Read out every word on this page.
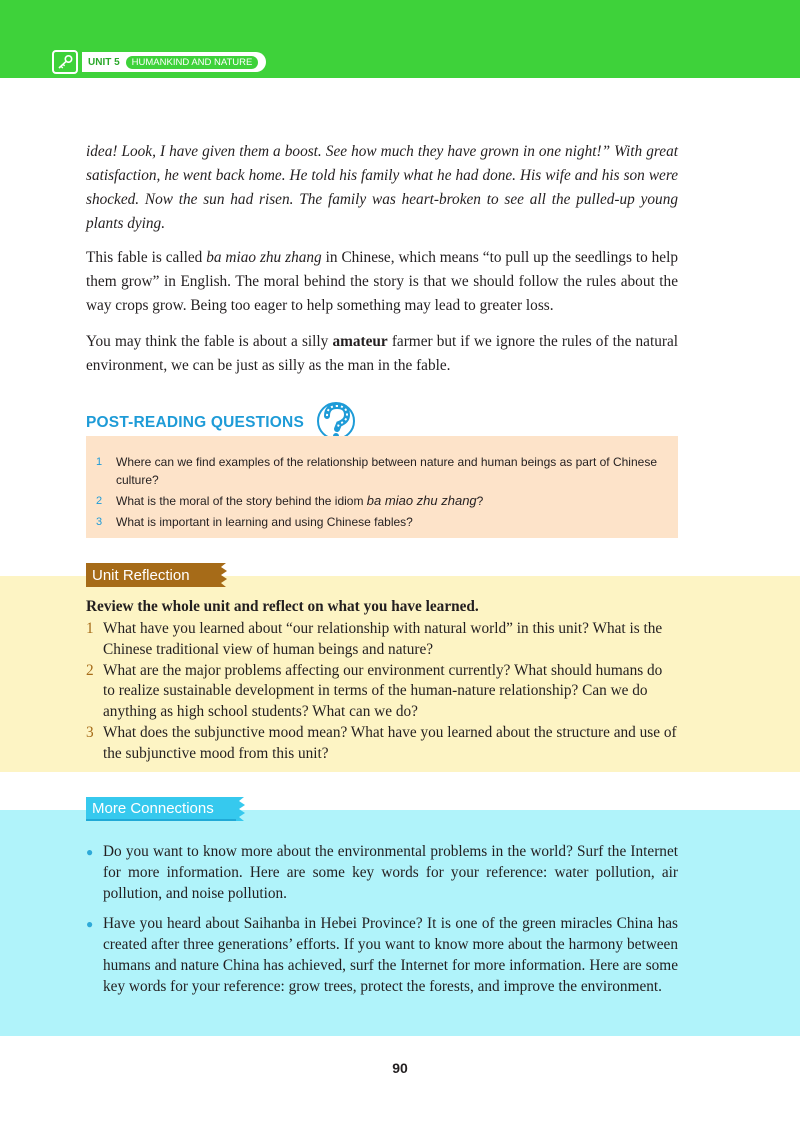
UNIT 5	HUMANKIND AND NATURE

idea! Look, I have given them a boost. See how much they have grown in one night!” With great satisfaction, he went back home. He told his family what he had done. His wife and his son were shocked. Now the sun had risen. The family was heart-broken to see all the pulled-up young plants dying.

This fable is called ba miao zhu zhang in Chinese, which means “to pull up the seedlings to help them grow” in English. The moral behind the story is that we should follow the rules about the way crops grow. Being too eager to help something may lead to greater loss.

You may think the fable is about a silly amateur farmer but if we ignore the rules of the natural environment, we can be just as silly as the man in the fable.

POST-READING QUESTIONS
1	Where can we find examples of the relationship between nature and human beings as part of Chinese culture?
2	What is the moral of the story behind the idiom ba miao zhu zhang?
3	What is important in learning and using Chinese fables?
Unit Reflection

Review the whole unit and reflect on what you have learned.

1 What have you learned about “our relationship with natural world” in this unit? What is the Chinese traditional view of human beings and nature?
2 What are the major problems affecting our environment currently? What should humans do to realize sustainable development in terms of the human-nature relationship? Can we do anything as high school students? What can we do?
3 What does the subjunctive mood mean? What have you learned about the structure and use of the subjunctive mood from this unit?
More Connections
● Do you want to know more about the environmental problems in the world? Surf the Internet for more information. Here are some key words for your reference: water pollution, air pollution, and noise pollution.
● Have you heard about Saihanba in Hebei Province? It is one of the green miracles China has created after three generations’ efforts. If you want to know more about the harmony between humans and nature China has achieved, surf the Internet for more information. Here are some key words for your reference: grow trees, protect the forests, and improve the environment.
90
